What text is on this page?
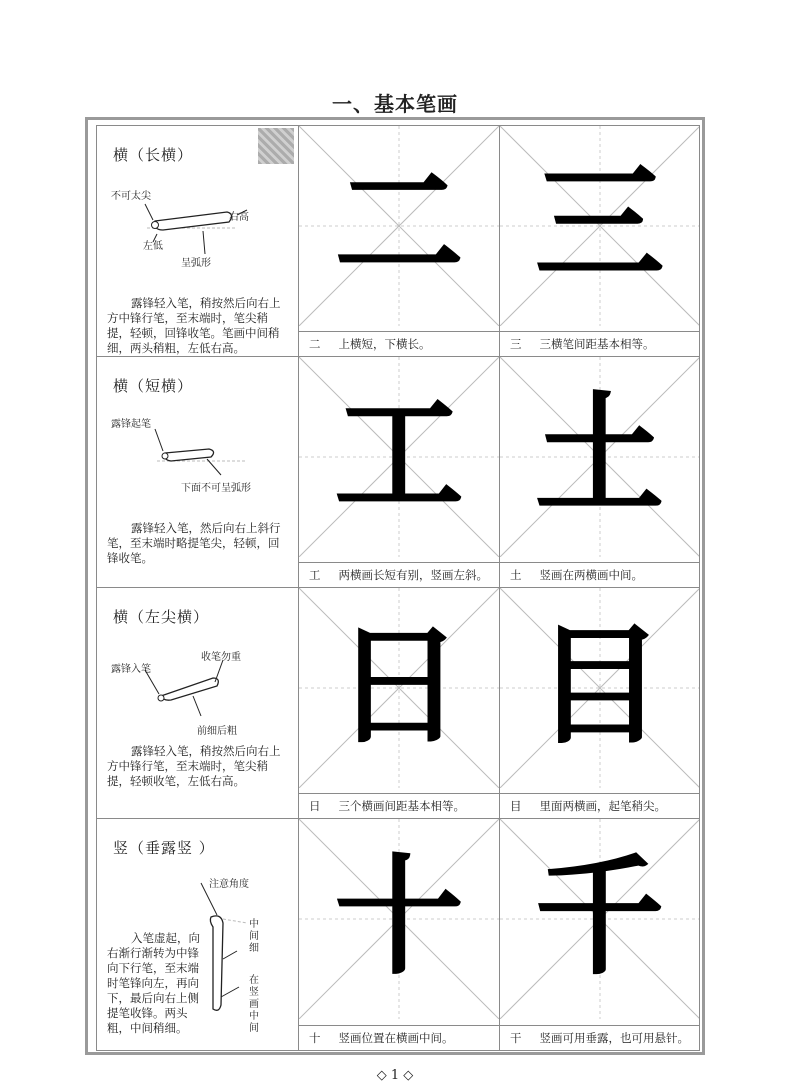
一、基本笔画
横（长横）
不可太尖
右高
左低
呈弧形
露锋轻入笔，稍按然后向右上方中锋行笔，至末端时，笔尖稍提，轻顿，回锋收笔。笔画中间稍细，两头稍粗，左低右高。
二
二 上横短，下横长。
三
三 三横笔间距基本相等。
横（短横）
露锋起笔
下面不可呈弧形
露锋轻入笔，然后向右上斜行笔，至末端时略提笔尖，轻顿，回锋收笔。
工
工 两横画长短有别，竖画左斜。
土
土 竖画在两横画中间。
横（左尖横）
收笔勿重
露锋入笔
前细后粗
露锋轻入笔，稍按然后向右上方中锋行笔，至末端时，笔尖稍提，轻顿收笔，左低右高。
日
日 三个横画间距基本相等。
目
目 里面两横画，起笔稍尖。
竖（垂露竖 ）
注意角度
中间细
在竖画中间
入笔虚起，向右渐行渐转为中锋向下行笔，至末端时笔锋向左，再向下，最后向右上侧提笔收锋。两头粗，中间稍细。
十
十 竖画位置在横画中间。
千
干 竖画可用垂露，也可用悬针。
◇ 1 ◇
